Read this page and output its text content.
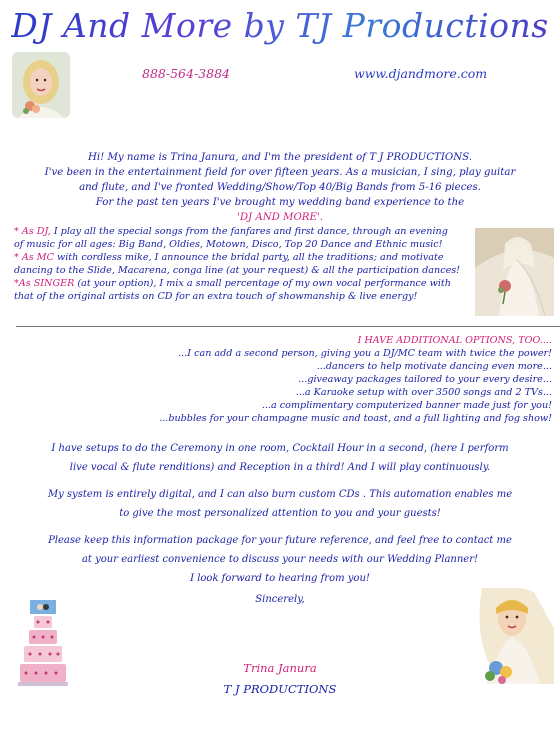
DJ And More by TJ Productions
888-564-3884	www.djandmore.com
Hi! My name is Trina Janura, and I'm the president of T J PRODUCTIONS.
I've been in the entertainment field for over fifteen years. As a musician, I sing, play guitar
and flute, and I've fronted Wedding/Show/Top 40/Big Bands from 5-16 pieces.
For the past ten years I've brought my wedding band experience to the
'DJ AND MORE'.
* As DJ, I play all the special songs from the fanfares and first dance, through an evening
of music for all ages: Big Band, Oldies, Motown, Disco, Top 20 Dance and Ethnic music!
* As MC with cordless mike, I announce the bridal party, all the traditions; and motivate
dancing to the Slide, Macarena, conga line (at your request) & all the participation dances!
*As SINGER (at your option), I mix a small percentage of my own vocal performance with
that of the original artists on CD for an extra touch of showmanship & live energy!
I HAVE ADDITIONAL OPTIONS, TOO....
...I can add a second person, giving you a DJ/MC team with twice the power!
...dancers to help motivate dancing even more...
...giveaway packages tailored to your every desire...
...a Karaoke setup with over 3500 songs and 2 TVs...
...a complimentary computerized banner made just for you!
...bubbles for your champagne music and toast, and a full lighting and fog show!
I have setups to do the Ceremony in one room, Cocktail Hour in a second, (here I perform
live vocal & flute renditions) and Reception in a third! And I will play continuously.
My system is entirely digital, and I can also burn custom CDs . This automation enables me
to give the most personalized attention to you and your guests!
Please keep this information package for your future reference, and feel free to contact me
at your earliest convenience to discuss your needs with our Wedding Planner!
I look forward to hearing from you!
Sincerely,
Trina Janura
T J PRODUCTIONS
